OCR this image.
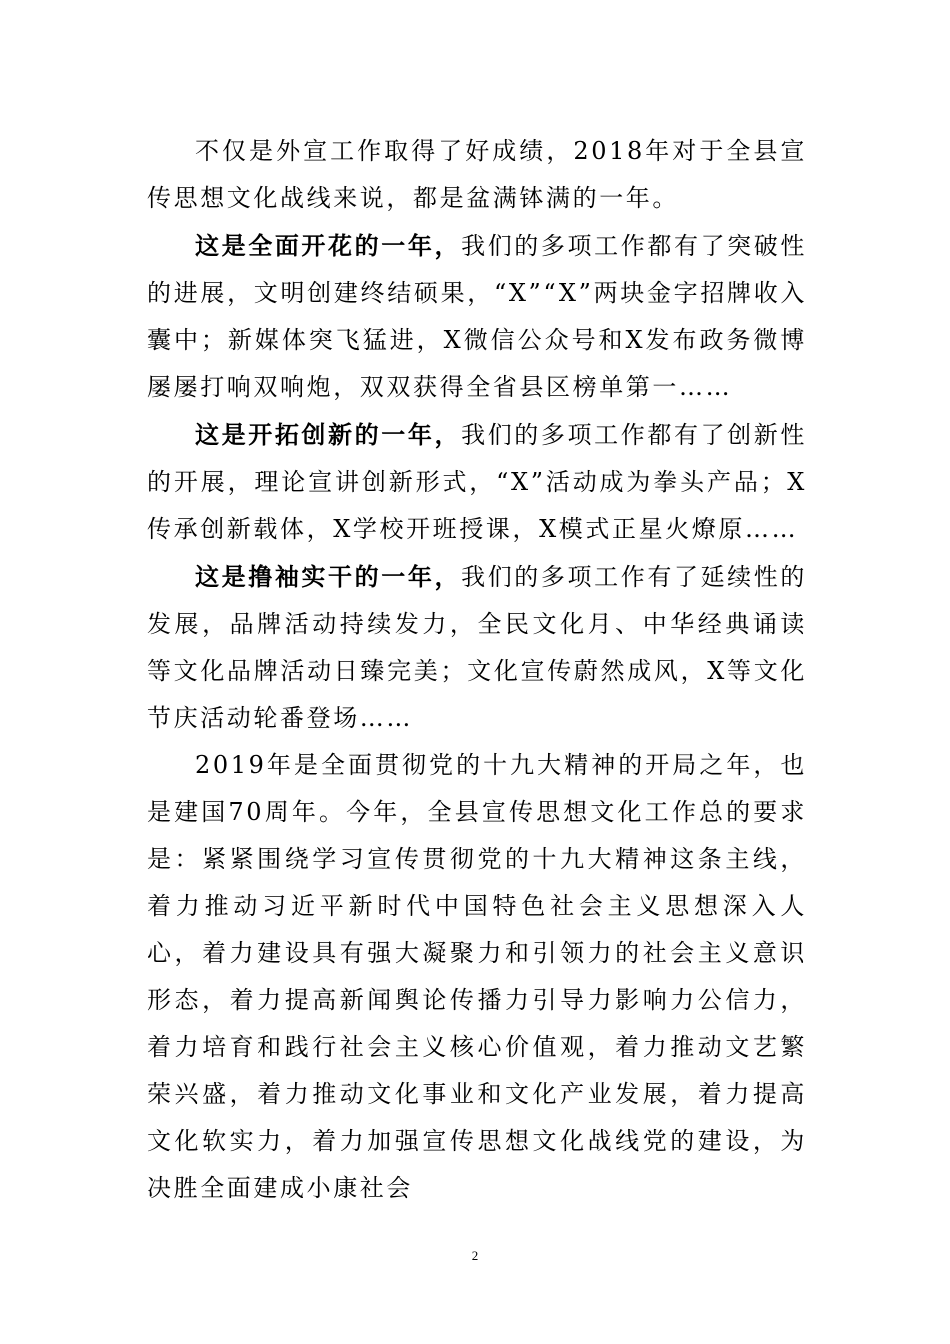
不仅是外宣工作取得了好成绩，2018年对于全县宣传思想文化战线来说，都是盆满钵满的一年。

这是全面开花的一年，我们的多项工作都有了突破性的进展，文明创建终结硕果，“X”“X”两块金字招牌收入囊中；新媒体突飞猛进，X微信公众号和X发布政务微博屡屡打响双响炮，双双获得全省县区榜单第一……

这是开拓创新的一年，我们的多项工作都有了创新性的开展，理论宣讲创新形式，“X”活动成为拳头产品；X传承创新载体，X学校开班授课，X模式正星火燎原……

这是撸袖实干的一年，我们的多项工作有了延续性的发展，品牌活动持续发力，全民文化月、中华经典诵读等文化品牌活动日臻完美；文化宣传蔚然成风，X等文化节庆活动轮番登场……

2019年是全面贯彻党的十九大精神的开局之年，也是建国70周年。今年，全县宣传思想文化工作总的要求是：紧紧围绕学习宣传贯彻党的十九大精神这条主线，着力推动习近平新时代中国特色社会主义思想深入人心，着力建设具有强大凝聚力和引领力的社会主义意识形态，着力提高新闻舆论传播力引导力影响力公信力，着力培育和践行社会主义核心价值观，着力推动文艺繁荣兴盛，着力推动文化事业和文化产业发展，着力提高文化软实力，着力加强宣传思想文化战线党的建设，为决胜全面建成小康社会

2
